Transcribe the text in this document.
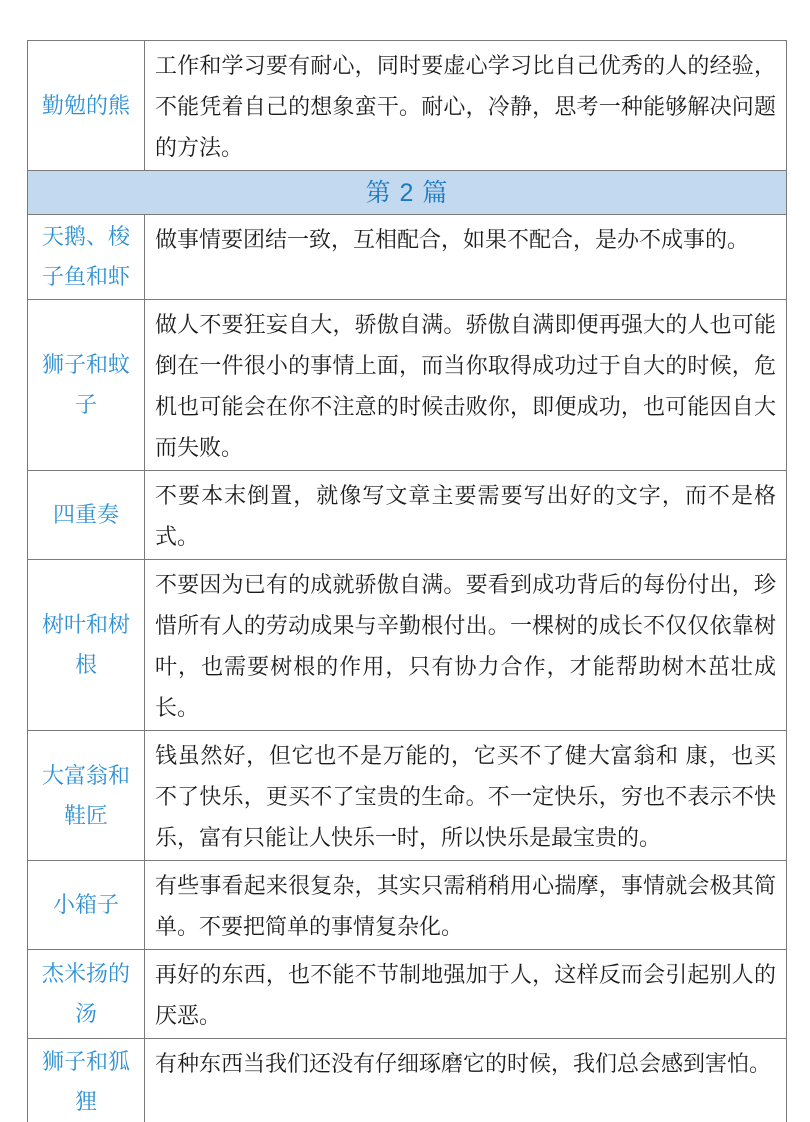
勤勉的熊	工作和学习要有耐心，同时要虚心学习比自己优秀的人的经验，不能凭着自己的想象蛮干。耐心，冷静，思考一种能够解决问题的方法。
第 2 篇	
天鹅、梭子鱼和虾	做事情要团结一致，互相配合，如果不配合，是办不成事的。
狮子和蚊子	做人不要狂妄自大，骄傲自满。骄傲自满即便再强大的人也可能倒在一件很小的事情上面，而当你取得成功过于自大的时候，危机也可能会在你不注意的时候击败你，即便成功，也可能因自大而失败。
四重奏	不要本末倒置，就像写文章主要需要写出好的文字，而不是格式。
树叶和树根	不要因为已有的成就骄傲自满。要看到成功背后的每份付出，珍惜所有人的劳动成果与辛勤根付出。一棵树的成长不仅仅依靠树叶，也需要树根的作用，只有协力合作，才能帮助树木茁壮成长。
大富翁和鞋匠	钱虽然好，但它也不是万能的，它买不了健大富翁和 康，也买不了快乐，更买不了宝贵的生命。不一定快乐，穷也不表示不快乐，富有只能让人快乐一时，所以快乐是最宝贵的。
小箱子	有些事看起来很复杂，其实只需稍稍用心揣摩，事情就会极其简单。不要把简单的事情复杂化。
杰米扬的汤	再好的东西，也不能不节制地强加于人，这样反而会引起别人的厌恶。
狮子和狐狸	有种东西当我们还没有仔细琢磨它的时候，我们总会感到害怕。
